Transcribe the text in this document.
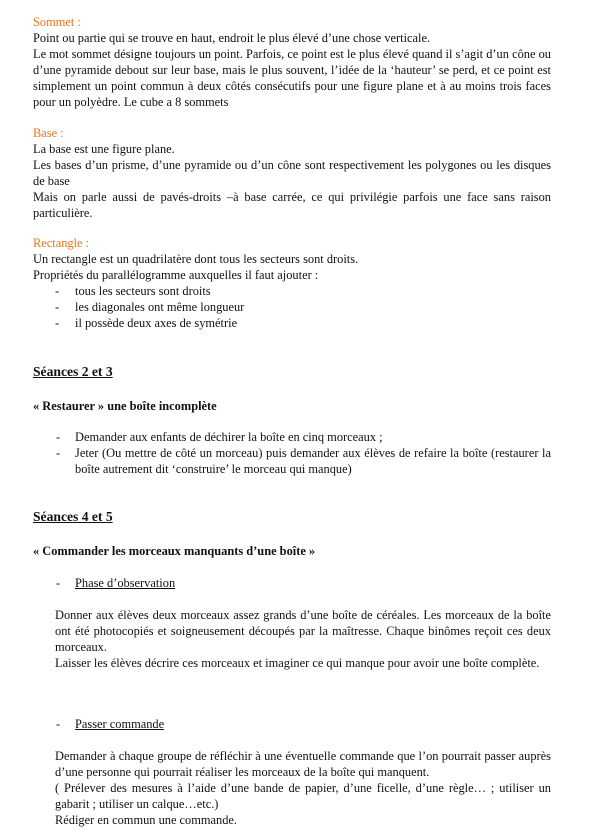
Sommet :
Point ou partie qui se trouve en haut, endroit le plus élevé d’une chose verticale.
Le mot sommet désigne toujours un point. Parfois, ce point est le plus élevé quand il s’agit d’un cône ou d’une pyramide debout sur leur base, mais le plus souvent, l’idée de la ‘hauteur’ se perd, et ce point est simplement un point commun à deux côtés consécutifs pour une figure plane et à au moins trois faces pour un polyèdre. Le cube a 8 sommets
Base :
La base est une figure plane.
Les bases d’un prisme, d’une pyramide ou d’un cône sont respectivement les polygones ou les disques de base
Mais on parle aussi de pavés-droits –à base carrée, ce qui privilégie parfois une face sans raison particulière.
Rectangle :
Un rectangle est un quadrilatère dont tous les secteurs sont droits.
Propriétés du parallélogramme auxquelles il faut ajouter :
- tous les secteurs sont droits
- les diagonales ont même longueur
- il possède deux axes de symétrie
Séances 2 et 3
« Restaurer » une boîte incomplète
- Demander aux enfants de déchirer la boîte en cinq morceaux ;
- Jeter (Ou mettre de côté un morceau) puis demander aux élèves de refaire la boîte (restaurer la boîte autrement dit ‘construire’ le morceau qui manque)
Séances 4 et 5
« Commander les morceaux manquants d’une boîte »
- Phase d’observation
Donner aux élèves deux morceaux assez grands d’une boîte de céréales. Les morceaux de la boîte ont été photocopiés et soigneusement découpés par la maîtresse. Chaque binômes reçoit ces deux morceaux.
Laisser les élèves décrire ces morceaux et imaginer ce qui manque pour avoir une boîte complète.
- Passer commande
Demander à chaque groupe de réfléchir à une éventuelle commande que l’on pourrait passer auprès d’une personne qui pourrait réaliser les morceaux de la boîte qui manquent.
( Prélever des mesures à l’aide d’une bande de papier, d’une ficelle, d’une règle… ; utiliser un gabarit ; utiliser un calque…etc.)
Rédiger en commun une commande.
